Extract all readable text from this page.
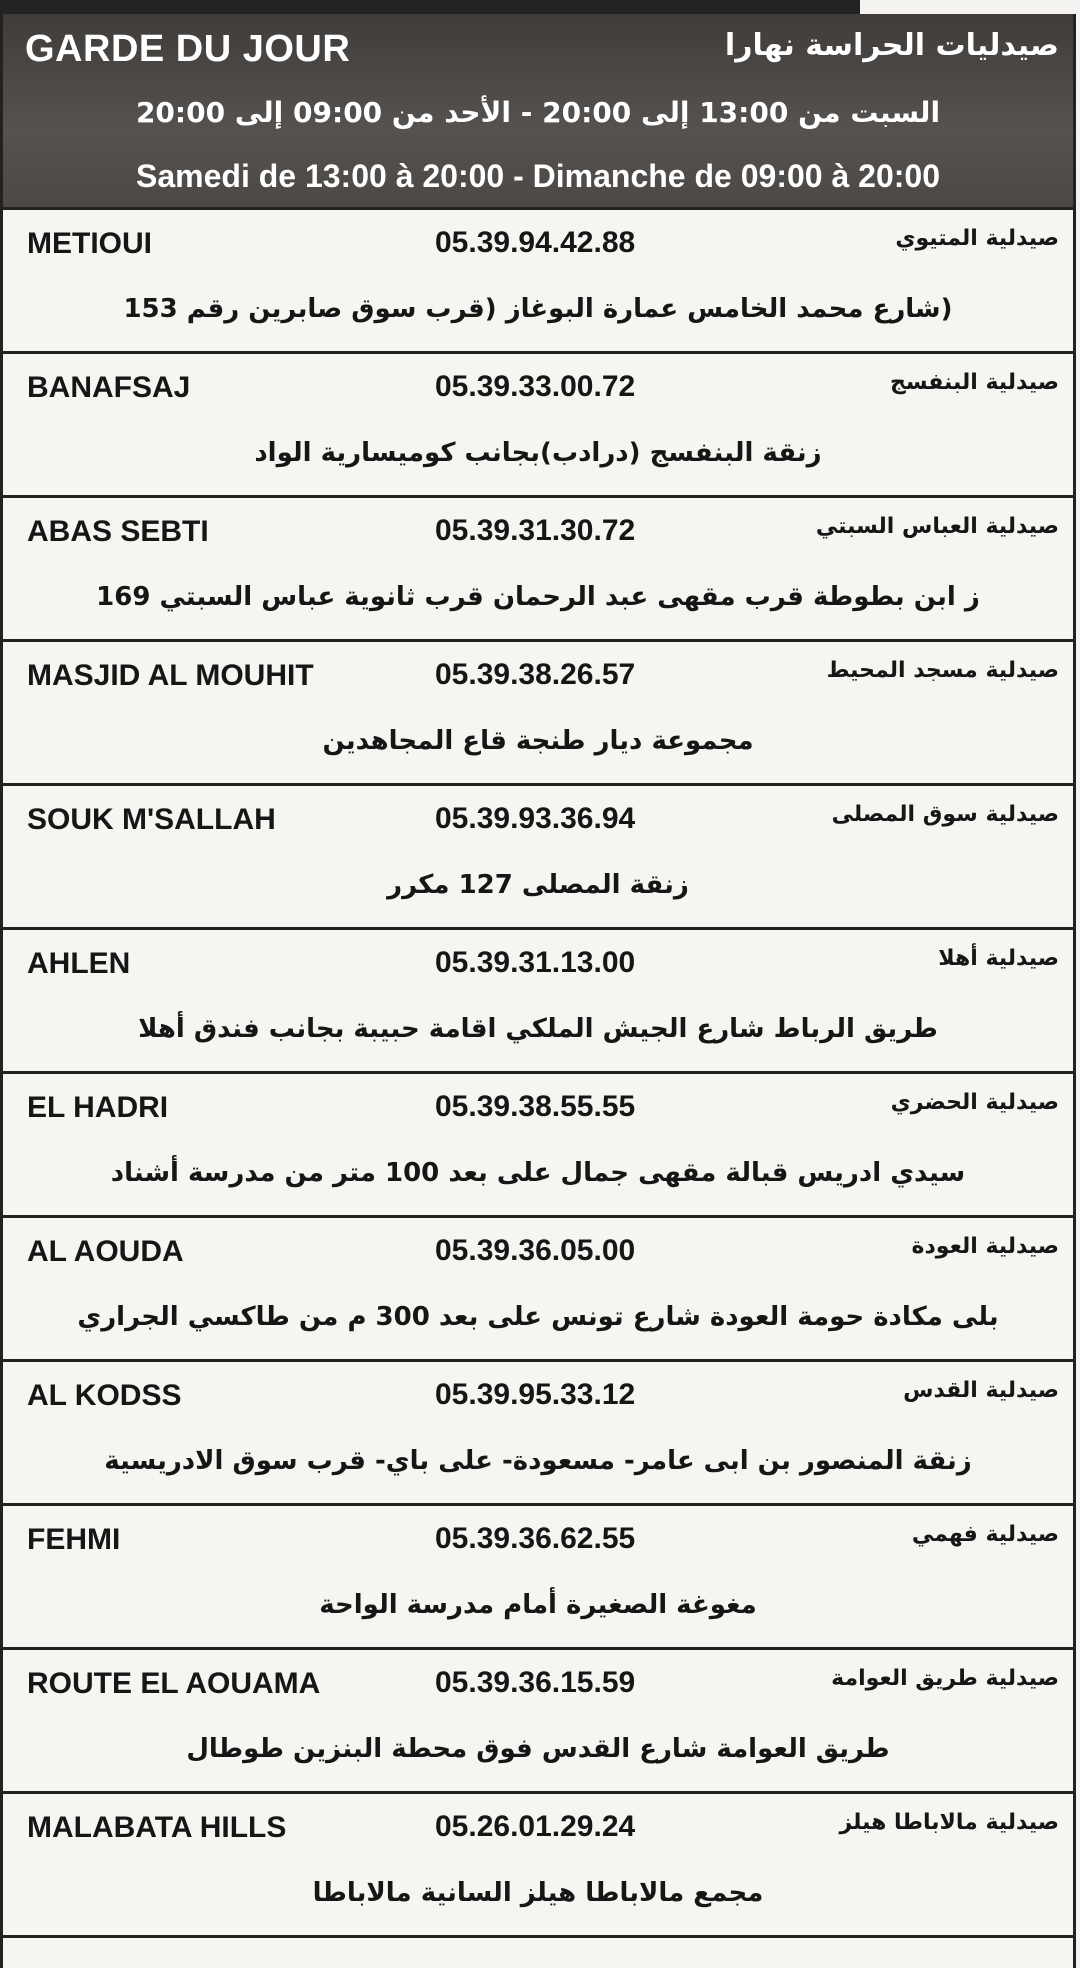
GARDE DU JOUR	صيدليات الحراسة نهارا
السبت من 13:00 إلى 20:00 - الأحد من 09:00 إلى 20:00
Samedi de 13:00 à 20:00 - Dimanche de 09:00 à 20:00
METIOUI	05.39.94.42.88	صيدلية المتيوي
(شارع محمد الخامس عمارة البوغاز (قرب سوق صابرين رقم 153
BANAFSAJ	05.39.33.00.72	صيدلية البنفسج
زنقة البنفسج (درادب)بجانب كوميسارية الواد
ABAS SEBTI	05.39.31.30.72	صيدلية العباس السبتي
ز ابن بطوطة قرب مقهى عبد الرحمان قرب ثانوية عباس السبتي 169
MASJID AL MOUHIT	05.39.38.26.57	صيدلية مسجد المحيط
مجموعة ديار طنجة قاع المجاهدين
SOUK M'SALLAH	05.39.93.36.94	صيدلية سوق المصلى
زنقة المصلى 127 مكرر
AHLEN	05.39.31.13.00	صيدلية أهلا
طريق الرباط شارع الجيش الملكي اقامة حبيبة بجانب فندق أهلا
EL HADRI	05.39.38.55.55	صيدلية الحضري
سيدي ادريس قبالة مقهى جمال على بعد 100 متر من مدرسة أشناد
AL AOUDA	05.39.36.05.00	صيدلية العودة
بلى مكادة حومة العودة شارع تونس على بعد 300 م من طاكسي الجراري
AL KODSS	05.39.95.33.12	صيدلية القدس
زنقة المنصور بن ابى عامر- مسعودة- على باي- قرب سوق الادريسية
FEHMI	05.39.36.62.55	صيدلية فهمي
مغوغة الصغيرة أمام مدرسة الواحة
ROUTE EL AOUAMA	05.39.36.15.59	صيدلية طريق العوامة
طريق العوامة شارع القدس فوق محطة البنزين طوطال
MALABATA HILLS	05.26.01.29.24	صيدلية مالاباطا هيلز
مجمع مالاباطا هيلز السانية مالاباطا
